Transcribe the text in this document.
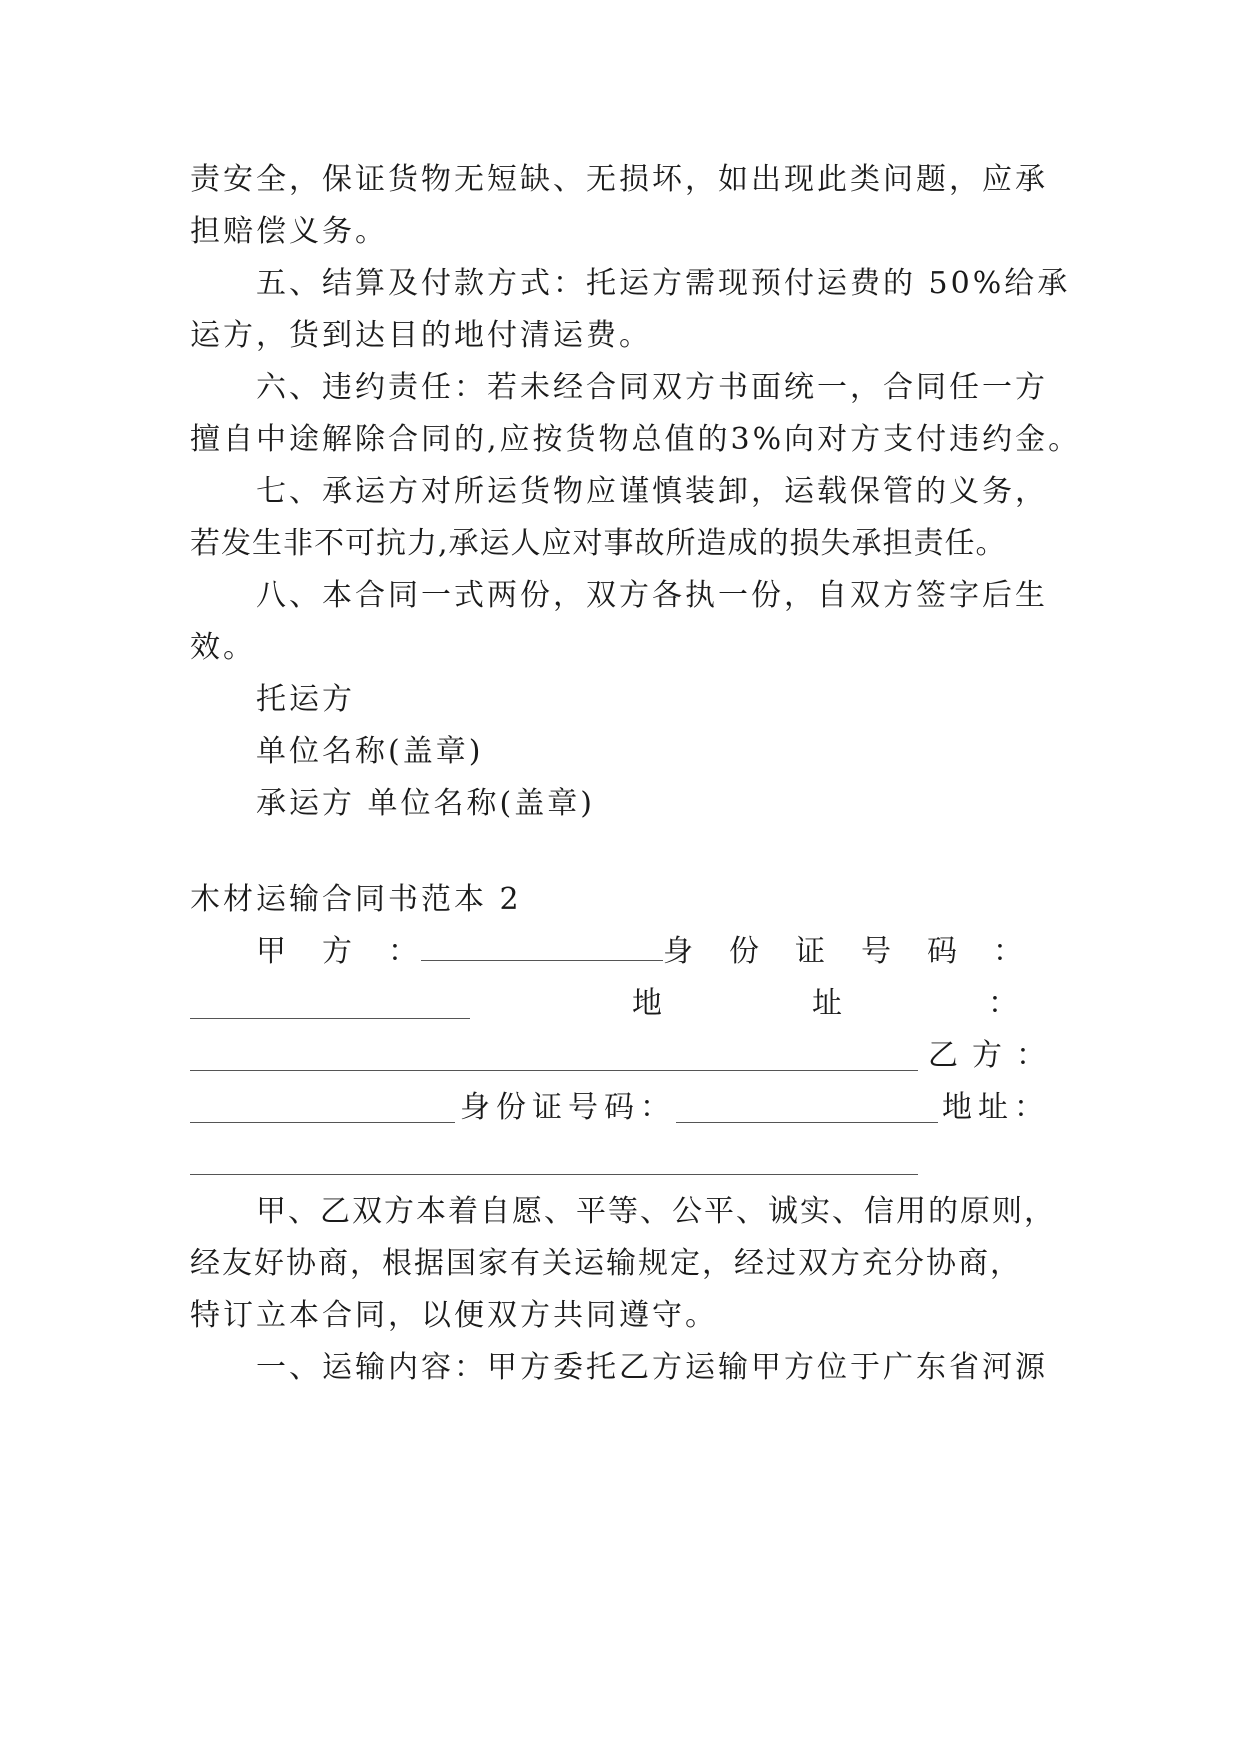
责安全，保证货物无短缺、无损坏，如出现此类问题，应承
担赔偿义务。
五、结算及付款方式：托运方需现预付运费的 50%给承
运方，货到达目的地付清运费。
六、违约责任：若未经合同双方书面统一，合同任一方
擅自中途解除合同的,应按货物总值的3%向对方支付违约金。
七、承运方对所运货物应谨慎装卸，运载保管的义务，
若发生非不可抗力,承运人应对事故所造成的损失承担责任。
八、本合同一式两份，双方各执一份，自双方签字后生
效。
托运方
单位名称(盖章)
承运方 单位名称(盖章)
木材运输合同书范本 2
甲　方　：	身　份　证　号　码　：
地	址	：
乙方：
身份证号码：	地址：
甲、乙双方本着自愿、平等、公平、诚实、信用的原则，
经友好协商，根据国家有关运输规定，经过双方充分协商，
特订立本合同，以便双方共同遵守。
一、运输内容：甲方委托乙方运输甲方位于广东省河源
